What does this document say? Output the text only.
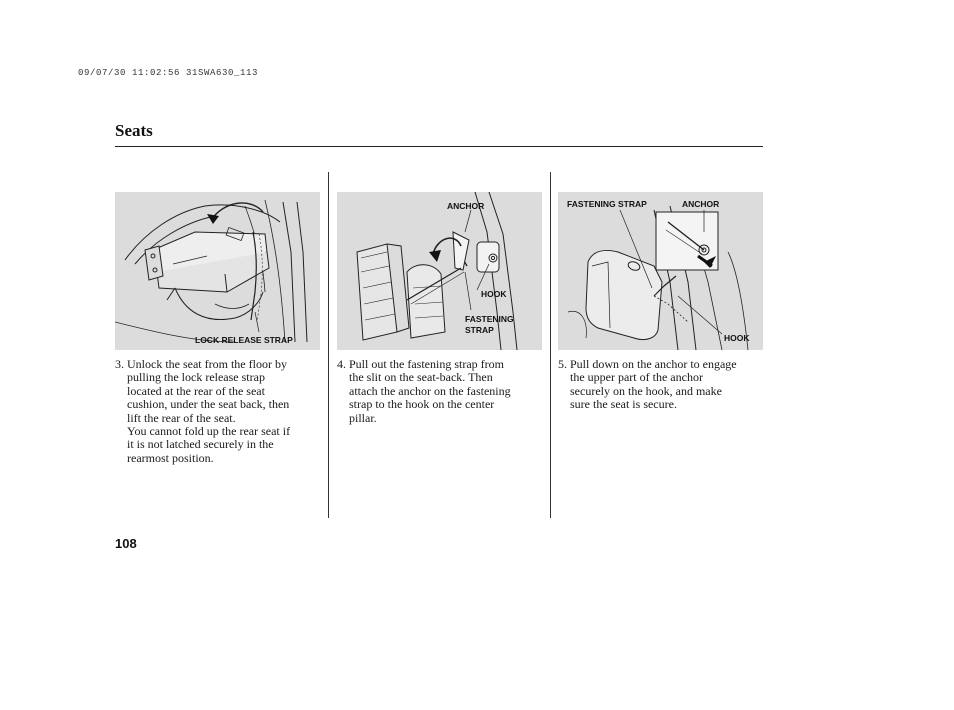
09/07/30 11:02:56 31SWA630_113
Seats
LOCK RELEASE STRAP
ANCHOR
HOOK
FASTENING
STRAP
FASTENING STRAP	ANCHOR
HOOK
3. Unlock the seat from the floor by
pulling the lock release strap
located at the rear of the seat
cushion, under the seat back, then
lift the rear of the seat.
You cannot fold up the rear seat if
it is not latched securely in the
rearmost position.
4. Pull out the fastening strap from
the slit on the seat-back. Then
attach the anchor on the fastening
strap to the hook on the center
pillar.
5. Pull down on the anchor to engage
the upper part of the anchor
securely on the hook, and make
sure the seat is secure.
108
